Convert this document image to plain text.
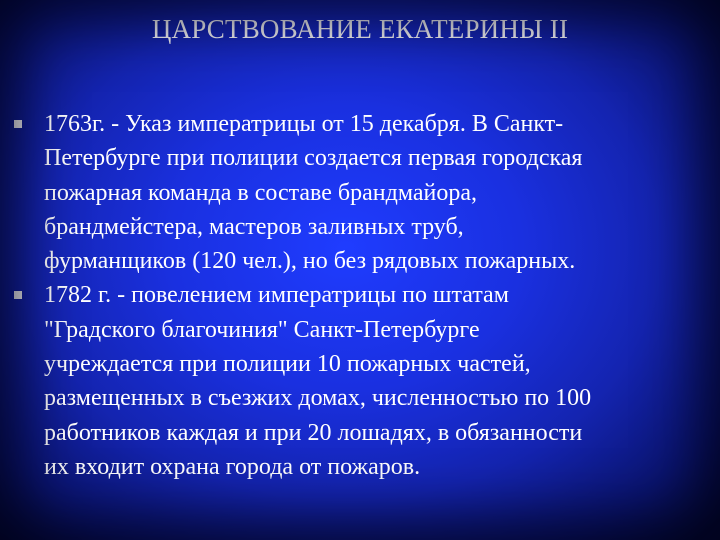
ЦАРСТВОВАНИЕ ЕКАТЕРИНЫ II
1763г. - Указ императрицы от 15 декабря. В Санкт-
Петербурге при полиции создается первая городская
пожарная команда в составе брандмайора,
брандмейстера, мастеров заливных труб,
фурманщиков (120 чел.), но без рядовых пожарных.
1782 г. - повелением императрицы по штатам
"Градского благочиния" Санкт-Петербурге
учреждается при полиции 10 пожарных частей,
размещенных в съезжих домах, численностью по 100
работников каждая и при 20 лошадях, в обязанности
их входит охрана города от пожаров.
